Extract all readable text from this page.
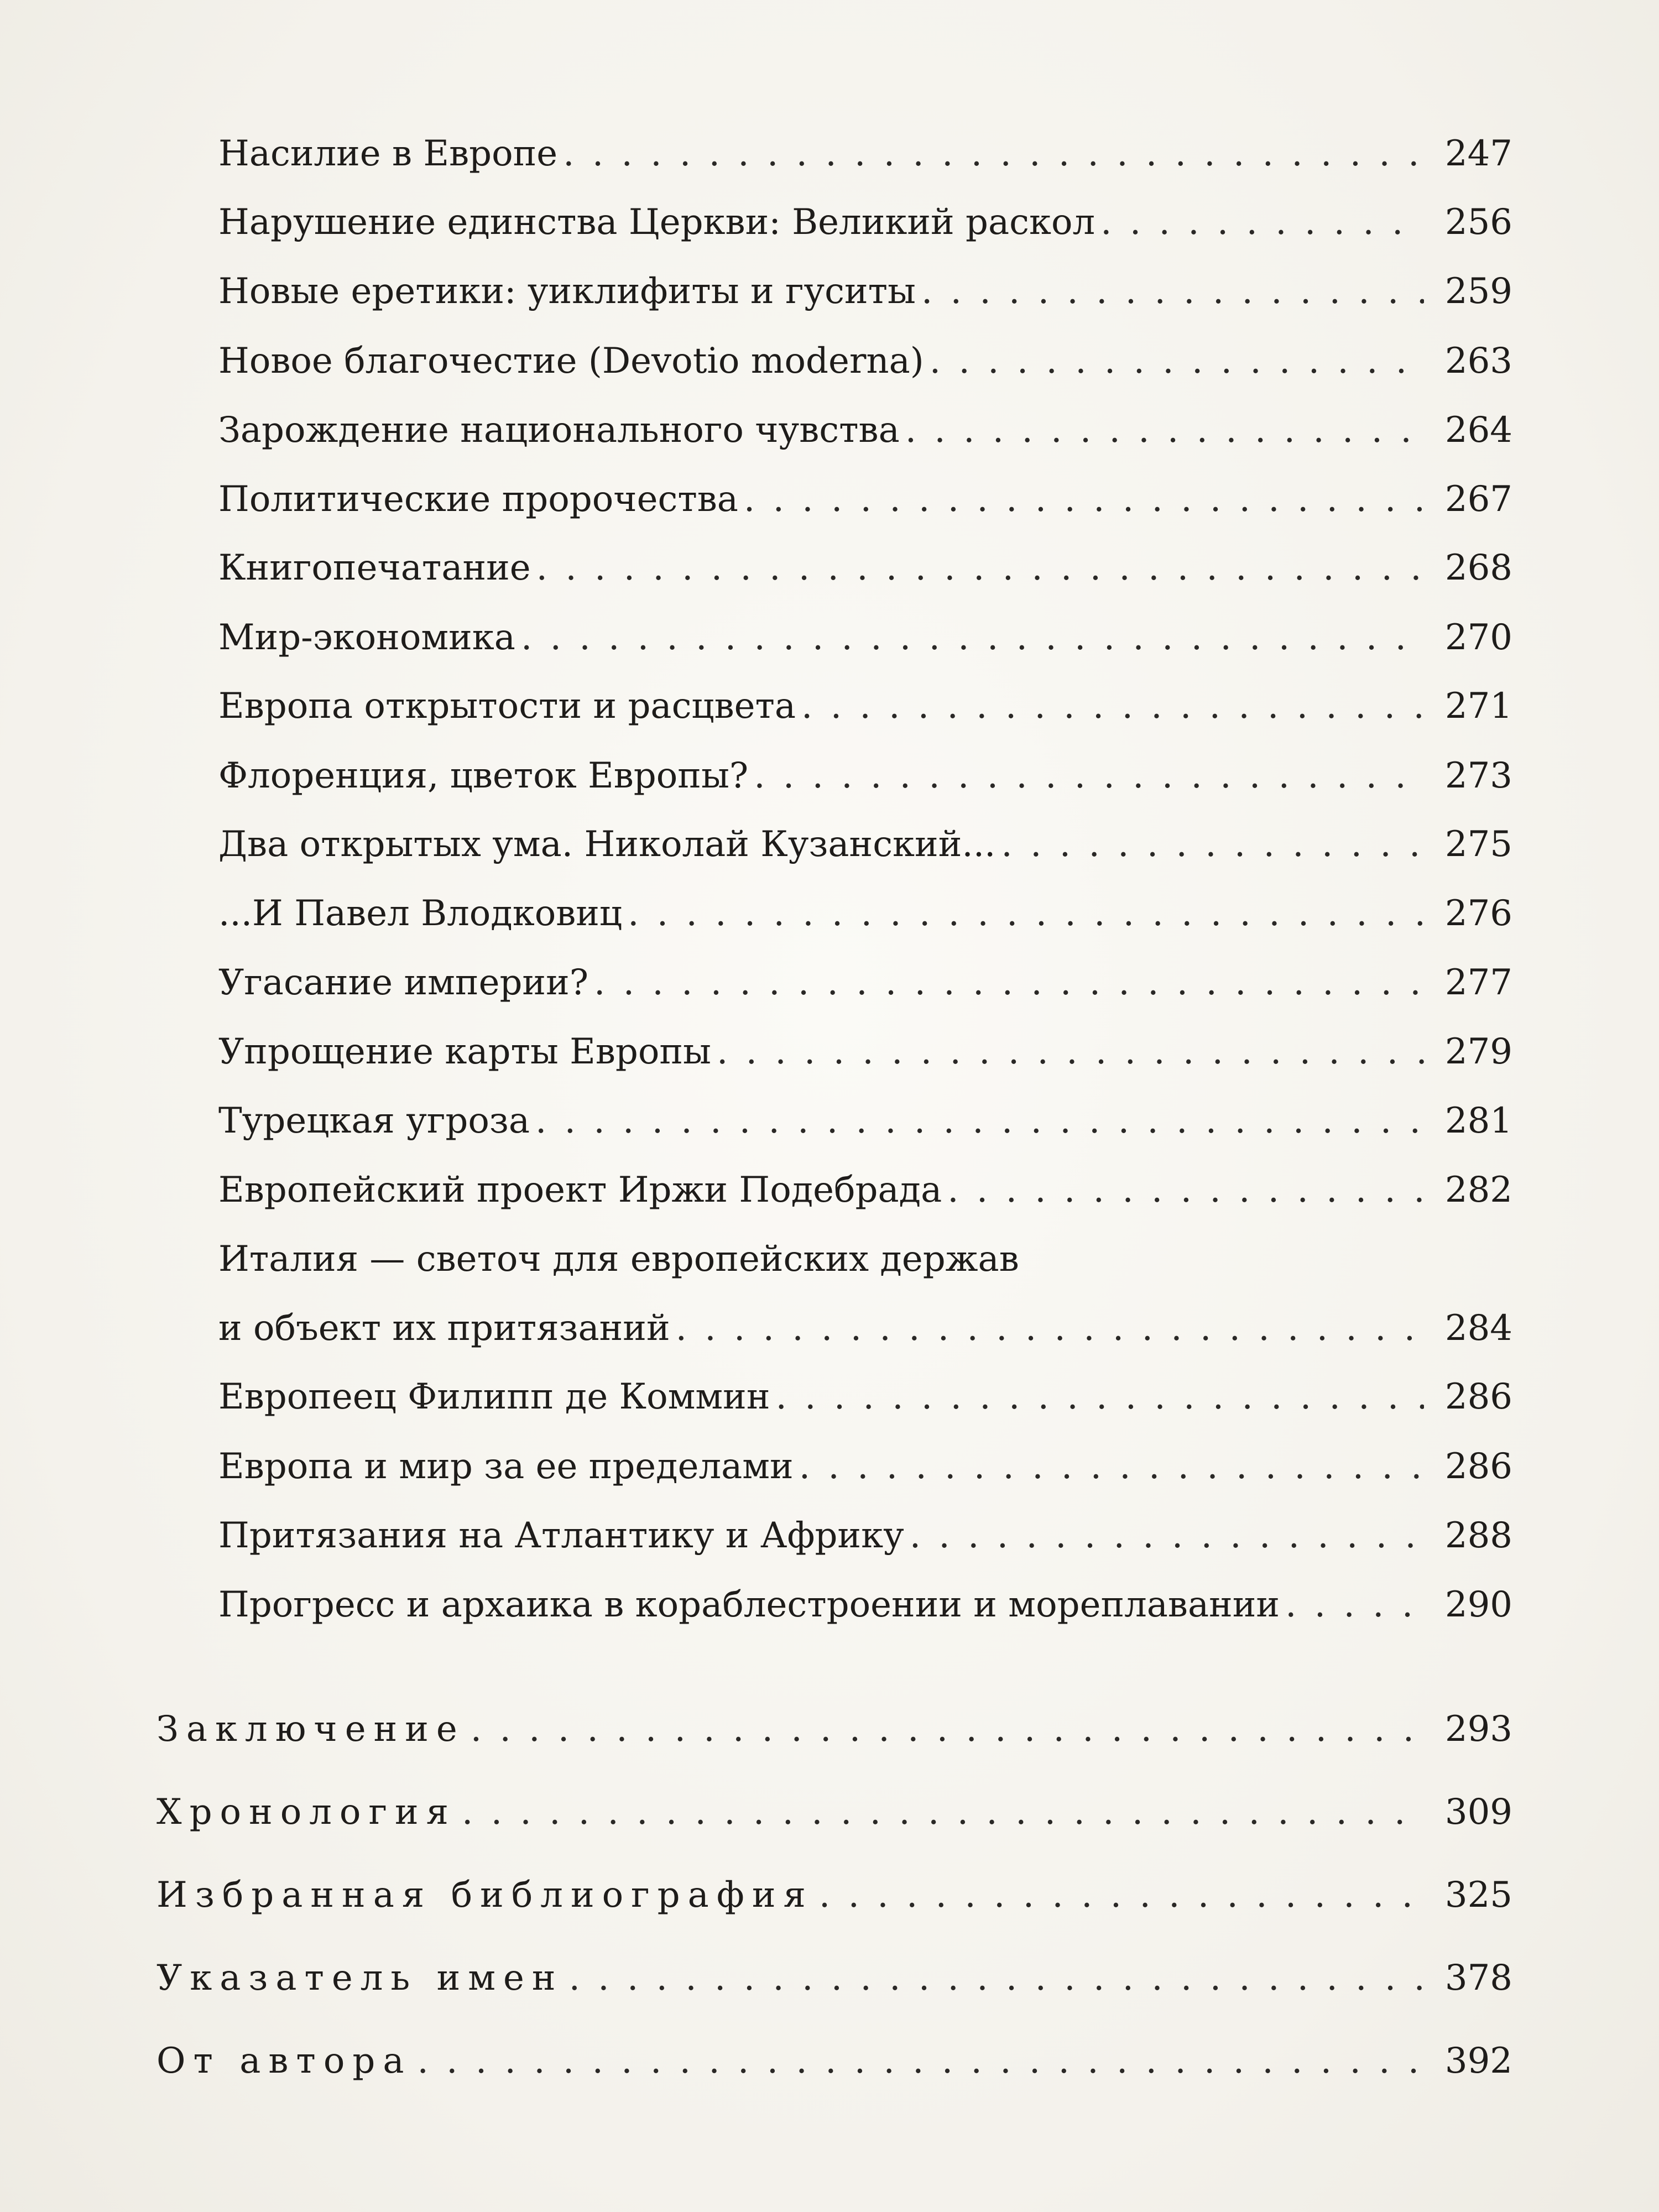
Насилие в Европе . . .	247
Нарушение единства Церкви: Великий раскол . . .	256
Новые еретики: уиклифиты и гуситы . . .	259
Новое благочестие (Devotio moderna) . . .	263
Зарождение национального чувства . . .	264
Политические пророчества . . .	267
Книгопечатание . . .	268
Мир-экономика . . .	270
Европа открытости и расцвета . . .	271
Флоренция, цветок Европы? . . .	273
Два открытых ума. Николай Кузанский... . . .	275
...И Павел Влодковиц . . .	276
Угасание империи? . . .	277
Упрощение карты Европы . . .	279
Турецкая угроза . . .	281
Европейский проект Иржи Подебрада . . .	282
Италия — светоч для европейских держав
и объект их притязаний . . .	284
Европеец Филипп де Коммин . . .	286
Европа и мир за ее пределами . . .	286
Притязания на Атлантику и Африку . . .	288
Прогресс и архаика в кораблестроении и мореплавании . . .	290
Заключение . . .	293
Хронология . . .	309
Избранная библиография . . .	325
Указатель имен . . .	378
От автора . . .	392
